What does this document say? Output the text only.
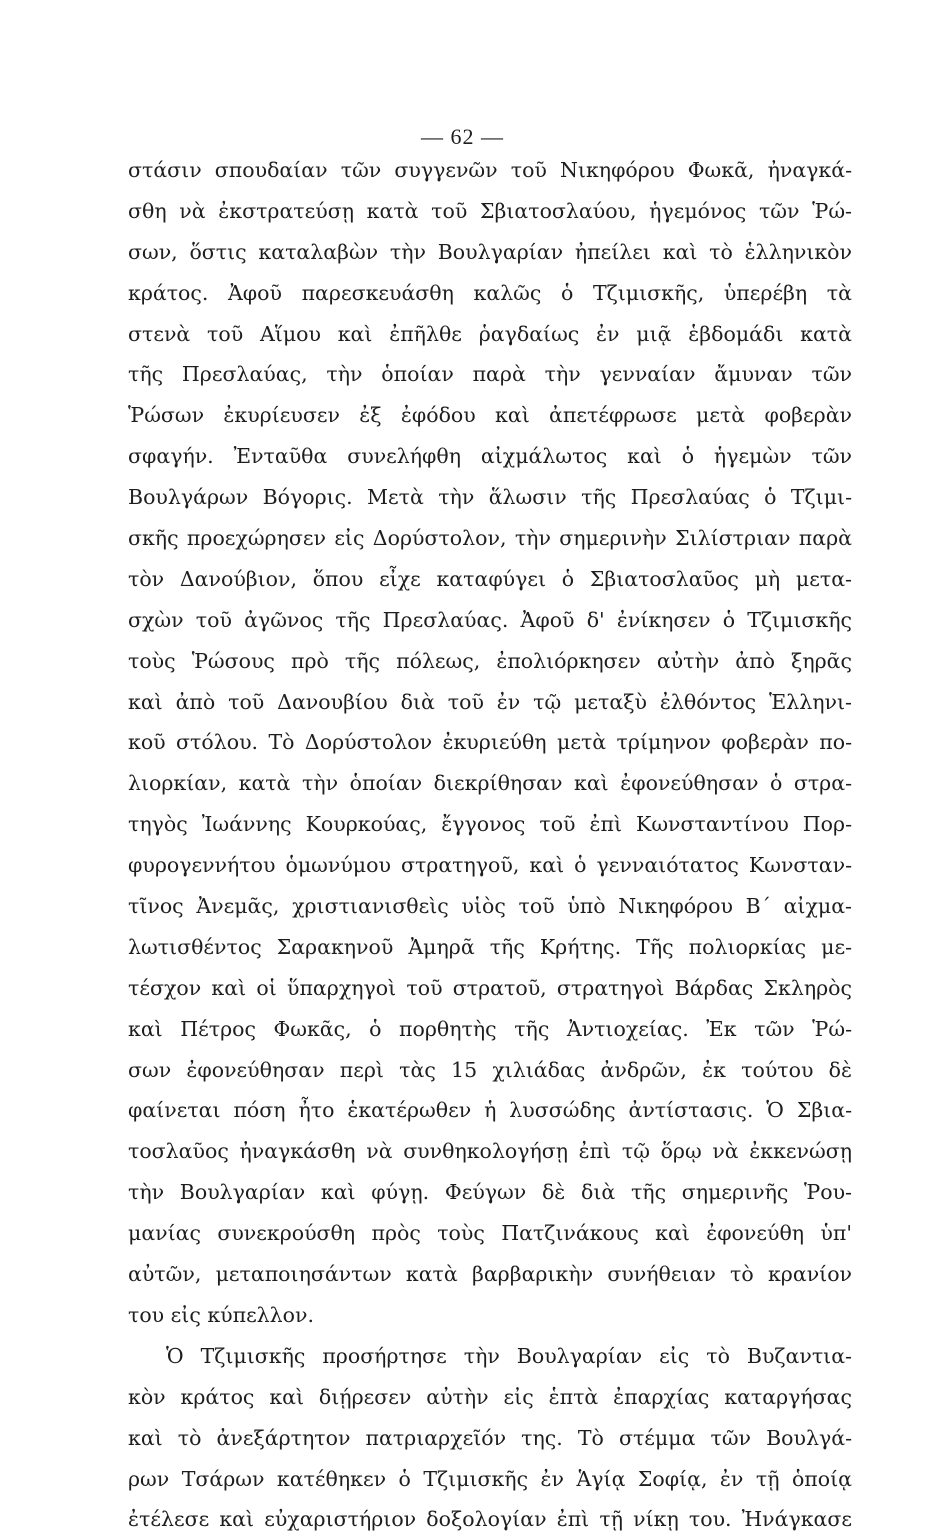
— 62 —
στάσιν σπουδαίαν τῶν συγγενῶν τοῦ Νικηφόρου Φωκᾶ, ἠναγκά-
σθη νὰ ἐκστρατεύσῃ κατὰ τοῦ Σβιατοσλαύου, ἡγεμόνος τῶν Ῥώ-
σων, ὅστις καταλαβὼν τὴν Βουλγαρίαν ἠπείλει καὶ τὸ ἑλληνικὸν
κράτος. Ἀφοῦ παρεσκευάσθη καλῶς ὁ Τζιμισκῆς, ὑπερέβη τὰ
στενὰ τοῦ Αἵμου καὶ ἐπῆλθε ῥαγδαίως ἐν μιᾷ ἑβδομάδι κατὰ
τῆς Πρεσλαύας, τὴν ὁποίαν παρὰ τὴν γενναίαν ἄμυναν τῶν
Ῥώσων ἐκυρίευσεν ἐξ ἐφόδου καὶ ἀπετέφρωσε μετὰ φοβερὰν
σφαγήν. Ἐνταῦθα συνελήφθη αἰχμάλωτος καὶ ὁ ἡγεμὼν τῶν
Βουλγάρων Βόγορις. Μετὰ τὴν ἅλωσιν τῆς Πρεσλαύας ὁ Τζιμι-
σκῆς προεχώρησεν εἰς Δορύστολον, τὴν σημερινὴν Σιλίστριαν παρὰ
τὸν Δανούβιον, ὅπου εἶχε καταφύγει ὁ Σβιατοσλαῦος μὴ μετα-
σχὼν τοῦ ἀγῶνος τῆς Πρεσλαύας. Ἀφοῦ δ' ἐνίκησεν ὁ Τζιμισκῆς
τοὺς Ῥώσους πρὸ τῆς πόλεως, ἐπολιόρκησεν αὐτὴν ἀπὸ ξηρᾶς
καὶ ἀπὸ τοῦ Δανουβίου διὰ τοῦ ἐν τῷ μεταξὺ ἐλθόντος Ἑλληνι-
κοῦ στόλου. Τὸ Δορύστολον ἐκυριεύθη μετὰ τρίμηνον φοβερὰν πο-
λιορκίαν, κατὰ τὴν ὁποίαν διεκρίθησαν καὶ ἐφονεύθησαν ὁ στρα-
τηγὸς Ἰωάννης Κουρκούας, ἔγγονος τοῦ ἐπὶ Κωνσταντίνου Πορ-
φυρογεννήτου ὁμωνύμου στρατηγοῦ, καὶ ὁ γενναιότατος Κωνσταν-
τῖνος Ἀνεμᾶς, χριστιανισθεὶς υἱὸς τοῦ ὑπὸ Νικηφόρου Β΄ αἰχμα-
λωτισθέντος Σαρακηνοῦ Ἀμηρᾶ τῆς Κρήτης. Τῆς πολιορκίας με-
τέσχον καὶ οἱ ὕπαρχηγοὶ τοῦ στρατοῦ, στρατηγοὶ Βάρδας Σκληρὸς
καὶ Πέτρος Φωκᾶς, ὁ πορθητὴς τῆς Ἀντιοχείας. Ἐκ τῶν Ῥώ-
σων ἐφονεύθησαν περὶ τὰς 15 χιλιάδας ἀνδρῶν, ἐκ τούτου δὲ
φαίνεται πόση ἦτο ἑκατέρωθεν ἡ λυσσώδης ἀντίστασις. Ὁ Σβια-
τοσλαῦος ἠναγκάσθη νὰ συνθηκολογήσῃ ἐπὶ τῷ ὅρῳ νὰ ἐκκενώσῃ
τὴν Βουλγαρίαν καὶ φύγῃ. Φεύγων δὲ διὰ τῆς σημερινῆς Ῥου-
μανίας συνεκρούσθη πρὸς τοὺς Πατζινάκους καὶ ἐφονεύθη ὑπ'
αὐτῶν, μεταποιησάντων κατὰ βαρβαρικὴν συνήθειαν τὸ κρανίον
του εἰς κύπελλον.
Ὁ Τζιμισκῆς προσήρτησε τὴν Βουλγαρίαν εἰς τὸ Βυζαντια-
κὸν κράτος καὶ διῄρεσεν αὐτὴν εἰς ἑπτὰ ἐπαρχίας καταργήσας
καὶ τὸ ἀνεξάρτητον πατριαρχεῖόν της. Τὸ στέμμα τῶν Βουλγά-
ρων Τσάρων κατέθηκεν ὁ Τζιμισκῆς ἐν Ἁγίᾳ Σοφίᾳ, ἐν τῇ ὁποίᾳ
ἐτέλεσε καὶ εὐχαριστήριον δοξολογίαν ἐπὶ τῇ νίκῃ του. Ἠνάγκασε
